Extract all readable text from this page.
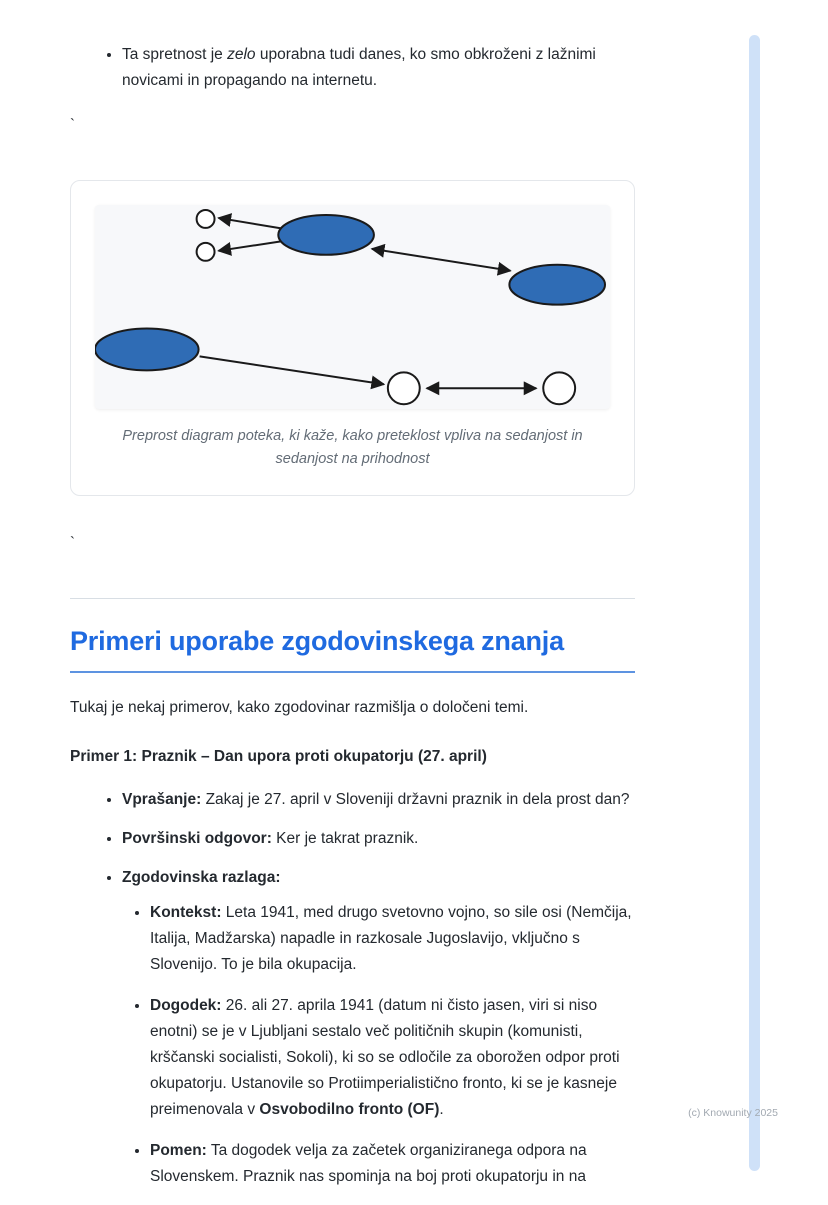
• Ta spretnost je zelo uporabna tudi danes, ko smo obkroženi z lažnimi novicami in propagando na internetu.
`
Preprost diagram poteka, ki kaže, kako preteklost vpliva na sedanjost in sedanjost na prihodnost
`
Primeri uporabe zgodovinskega znanja

Tukaj je nekaj primerov, kako zgodovinar razmišlja o določeni temi.

Primer 1: Praznik – Dan upora proti okupatorju (27. april)

• Vprašanje: Zakaj je 27. april v Sloveniji državni praznik in dela prost dan?
• Površinski odgovor: Ker je takrat praznik.
• Zgodovinska razlaga:
• Kontekst: Leta 1941, med drugo svetovno vojno, so sile osi (Nemčija, Italija, Madžarska) napadle in razkosale Jugoslavijo, vključno s Slovenijo. To je bila okupacija.
• Dogodek: 26. ali 27. aprila 1941 (datum ni čisto jasen, viri si niso enotni) se je v Ljubljani sestalo več političnih skupin (komunisti, krščanski socialisti, Sokoli), ki so se odločile za oborožen odpor proti okupatorju. Ustanovile so Protiimperialistično fronto, ki se je kasneje preimenovala v Osvobodilno fronto (OF).
• Pomen: Ta dogodek velja za začetek organiziranega odpora na Slovenskem. Praznik nas spominja na boj proti okupatorju in na
(c) Knowunity 2025
